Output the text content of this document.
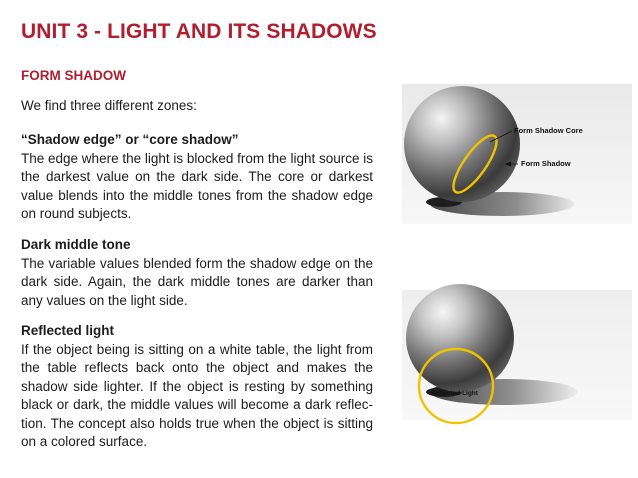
UNIT 3 - LIGHT AND ITS SHADOWS
FORM SHADOW
We find three different zones:
“Shadow edge” or “core shadow”

The edge where the light is blocked from the light source is the darkest value on the dark side. The core or darkest value blends into the middle tones from the shadow edge on round subjects.

Dark middle tone

The variable values blended form the shadow edge on the dark side. Again, the dark middle tones are darker than any values on the light side.

Reflected light

If the object being is sitting on a white table, the light from the table reflects back onto the object and makes the shadow side lighter. If the object is resting by something black or dark, the middle values will become a dark reflection. The concept also holds true when the object is sitting on a colored surface.

Form Shadow Core
Form Shadow
Reflected Light
